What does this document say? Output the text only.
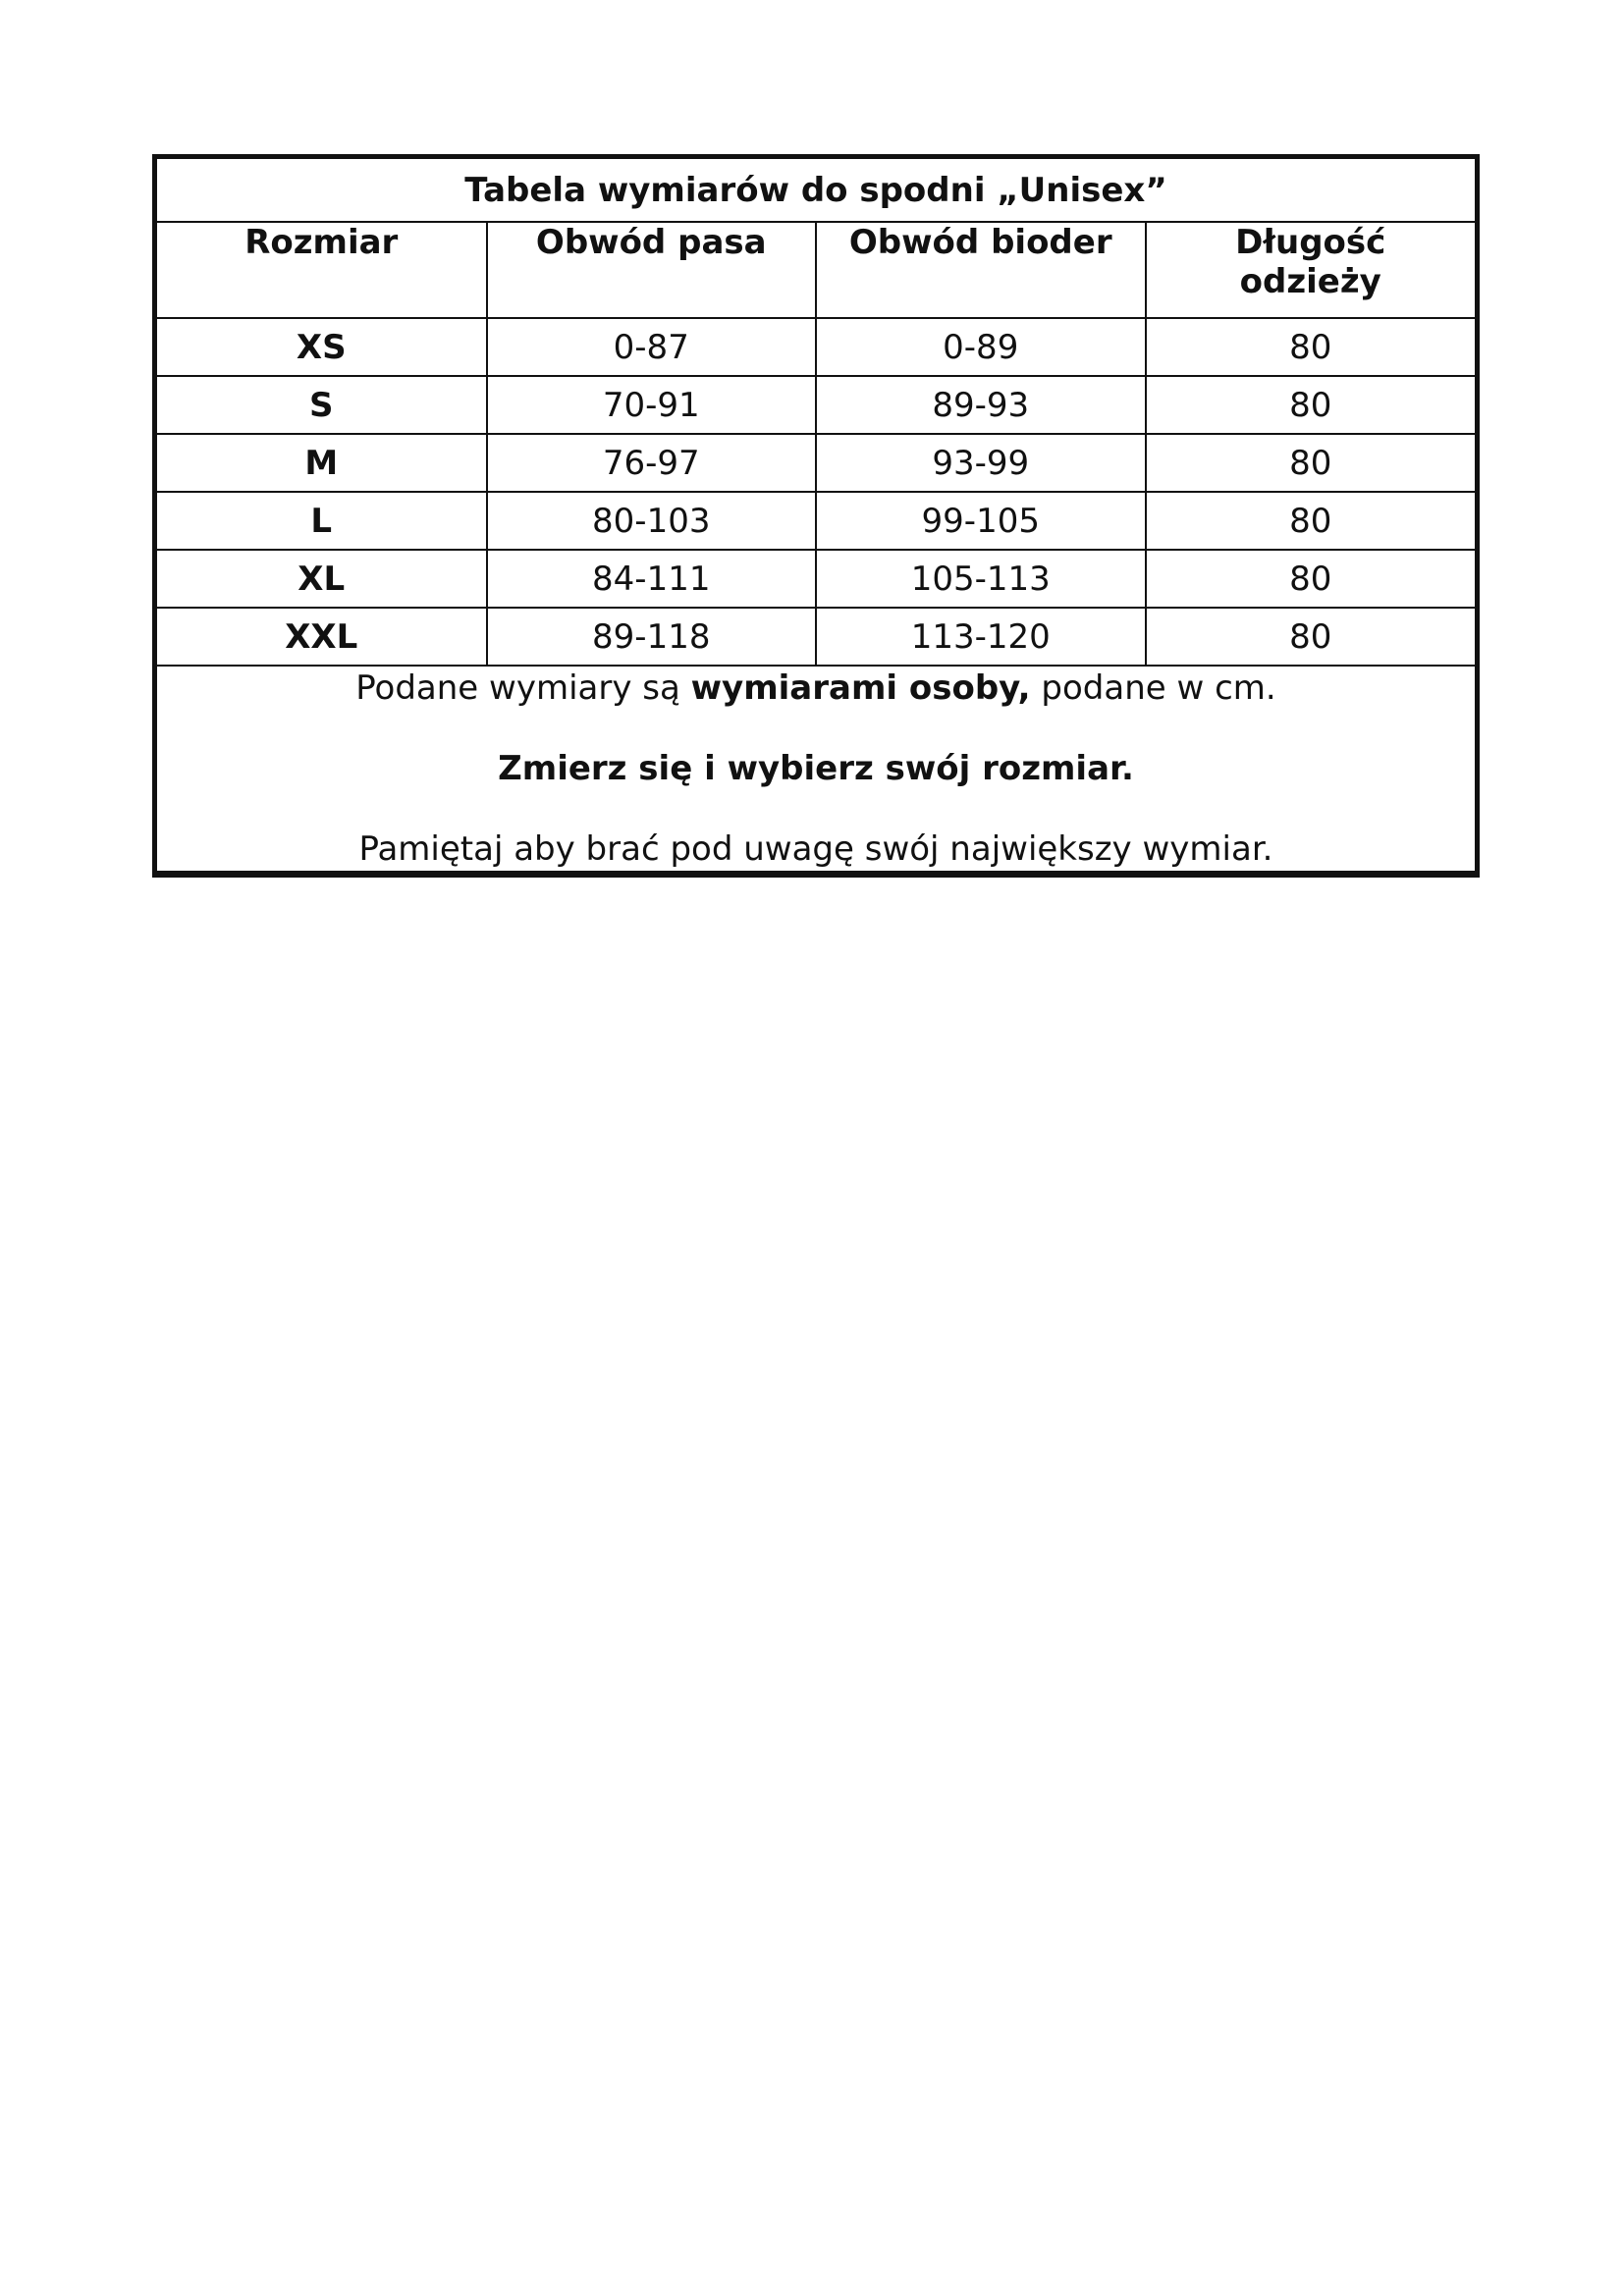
Tabela wymiarów do spodni „Unisex”			
Rozmiar	Obwód pasa	Obwód bioder	Długość
odzieży
XS	0-87	0-89	80
S	70-91	89-93	80
M	76-97	93-99	80
L	80-103	99-105	80
XL	84-111	105-113	80
XXL	89-118	113-120	80

Podane wymiary są wymiarami osoby, podane w cm.

Zmierz się i wybierz swój rozmiar.

Pamiętaj aby brać pod uwagę swój największy wymiar.			
